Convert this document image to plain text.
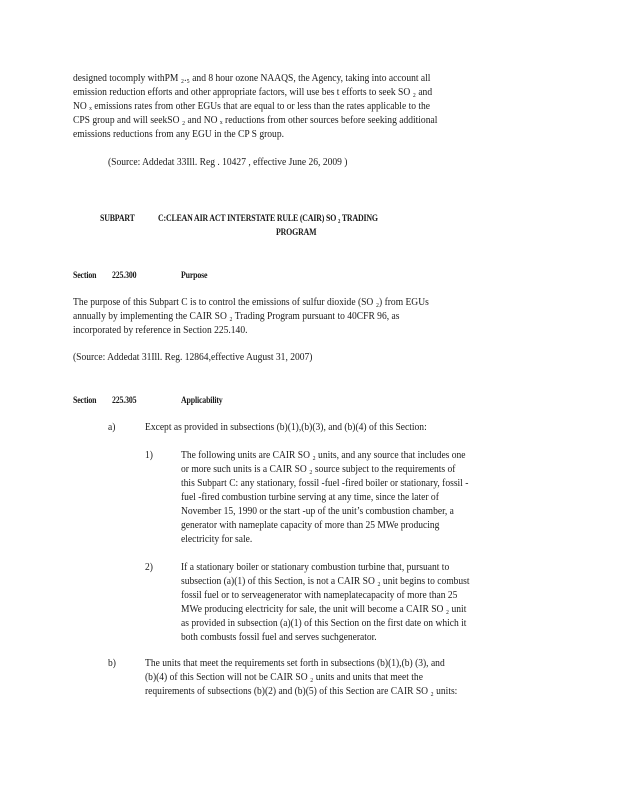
designed tocomply withPM ₂.₅ and 8 hour ozone NAAQS, the Agency, taking into account all
emission reduction efforts and other appropriate factors, will use bes t efforts to seek SO ₂ and
NO ₓ emissions rates from other EGUs that are equal to or less than the rates applicable to the
CPS group and will seekSO ₂ and NO ₓ reductions from other sources before seeking additional
emissions reductions from any EGU in the CP S group.
(Source: Addedat 33Ill. Reg . 10427 , effective June 26, 2009 )
SUBPART C:CLEAN AIR ACT INTERSTATE RULE (CAIR) SO ₂ TRADING
PROGRAM
Section 225.300	Purpose
The purpose of this Subpart C is to control the emissions of sulfur dioxide (SO ₂) from EGUs
annually by implementing the CAIR SO ₂ Trading Program pursuant to 40CFR 96, as
incorporated by reference in Section 225.140.
(Source: Addedat 31Ill. Reg. 12864,effective August 31, 2007)
Section 225.305	Applicability
a)	Except as provided in subsections (b)(1),(b)(3), and (b)(4) of this Section:
1)	The following units are CAIR SO ₂ units, and any source that includes one
or more such units is a CAIR SO ₂ source subject to the requirements of
this Subpart C: any stationary, fossil -fuel -fired boiler or stationary, fossil -
fuel -fired combustion turbine serving at any time, since the later of
November 15, 1990 or the start -up of the unit’s combustion chamber, a
generator with nameplate capacity of more than 25 MWe producing
electricity for sale.
2)	If a stationary boiler or stationary combustion turbine that, pursuant to
subsection (a)(1) of this Section, is not a CAIR SO ₂ unit begins to combust
fossil fuel or to serveagenerator with nameplatecapacity of more than 25
MWe producing electricity for sale, the unit will become a CAIR SO ₂ unit
as provided in subsection (a)(1) of this Section on the first date on which it
both combusts fossil fuel and serves suchgenerator.
b)	The units that meet the requirements set forth in subsections (b)(1),(b) (3), and
(b)(4) of this Section will not be CAIR SO ₂ units and units that meet the
requirements of subsections (b)(2) and (b)(5) of this Section are CAIR SO ₂ units:
